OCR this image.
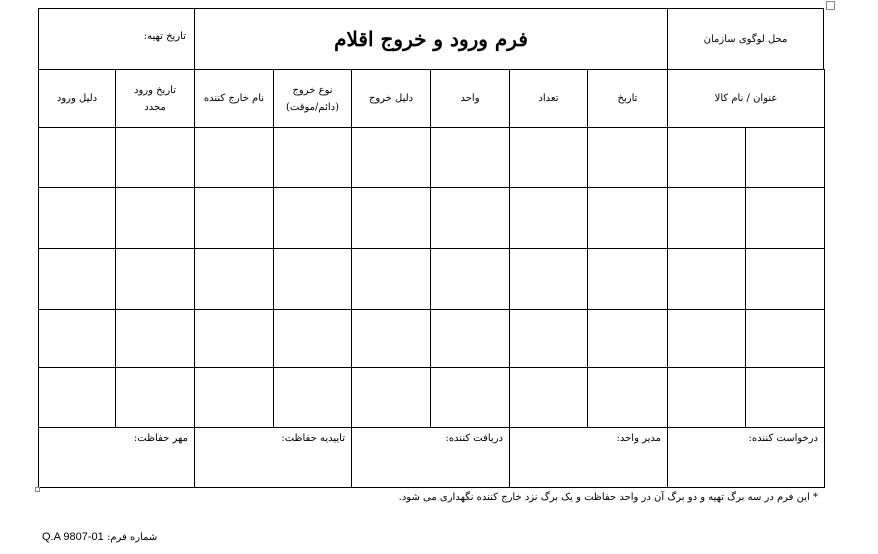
تاریخ تهیه:	فرم ورود و خروج اقلام	محل لوگوی سازمان
عنوان / نام کالا
تاریخ
تعداد
واحد
دلیل خروج
نوع خروج
(دائم/موقت)
نام خارج کننده
تاریخ ورود
مجدد
دلیل ورود
درخواست کننده:
مدیر واحد:
دریافت کننده:
تاییدیه حفاظت:
مهر حفاظت:
* این فرم در سه برگ تهیه و دو برگ آن در واحد حفاظت و یک برگ نزد خارج کننده نگهداری می شود.
Q.A 9807-01 شماره فرم:
